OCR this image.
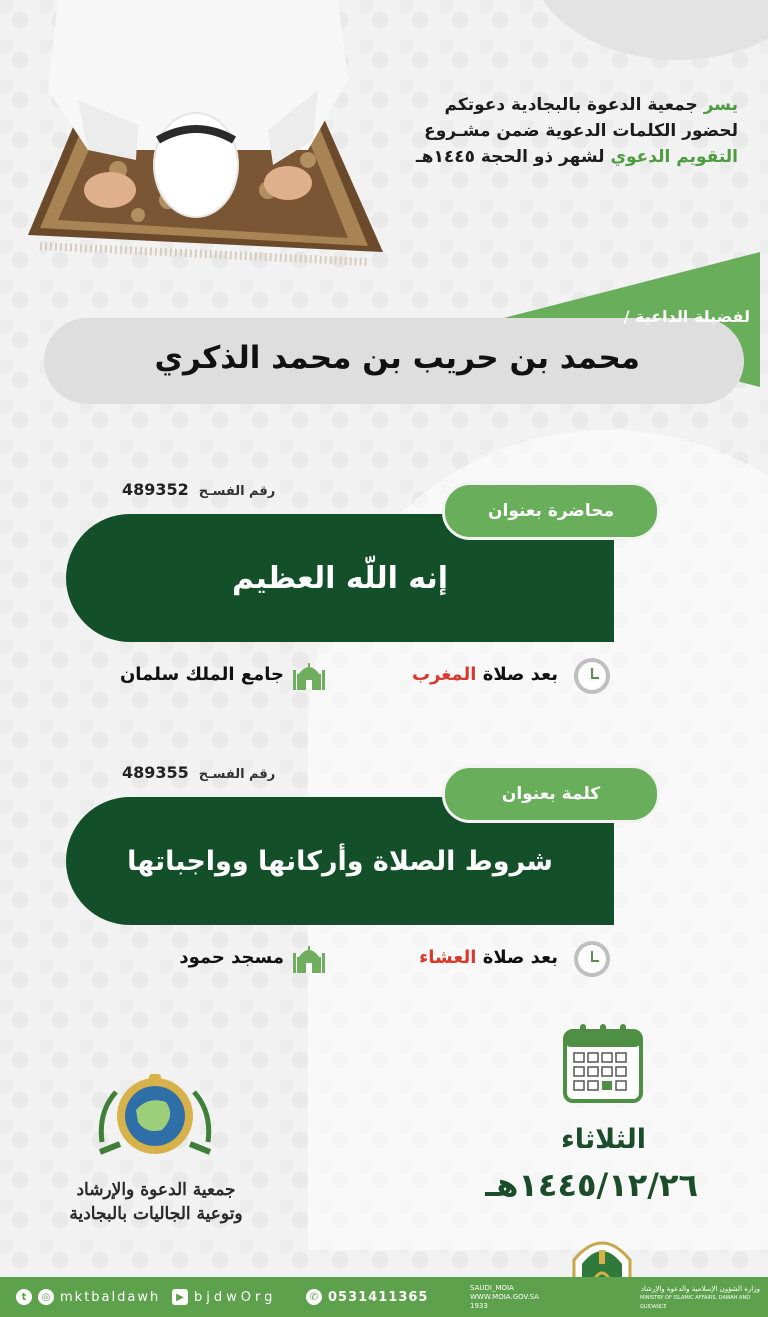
يسر جمعية الدعوة بالبجادية دعوتكم
لحضور الكلمات الدعوية ضمن مشـروع
التقويم الدعوي لشهر ذو الحجة ١٤٤٥هـ
لفضيلة الداعية /
محمد بن حريب بن محمد الذكري
رقم الفسـح489352
إنه اللّه العظيم
محاضرة بعنوان
بعد صلاة المغرب
جامع الملك سلمان
رقم الفسـح489355
شروط الصلاة وأركانها وواجباتها
كلمة بعنوان
بعد صلاة العشاء
مسجد حمود
الثلاثاء
١٤٤٥/١٢/٢٦هـ
جمعية الدعوة والإرشاد
وتوعية الجاليات بالبجادية
t	◎ mktbaldawh	▶ bjdwOrg	✆ 0531411365
SAUDI_MOIA
WWW.MOIA.GOV.SA
1933
وزارة الشؤون الإسلامية والدعوة والإرشاد
MINISTRY OF ISLAMIC AFFAIRS, DAWAH AND GUIDANCE
